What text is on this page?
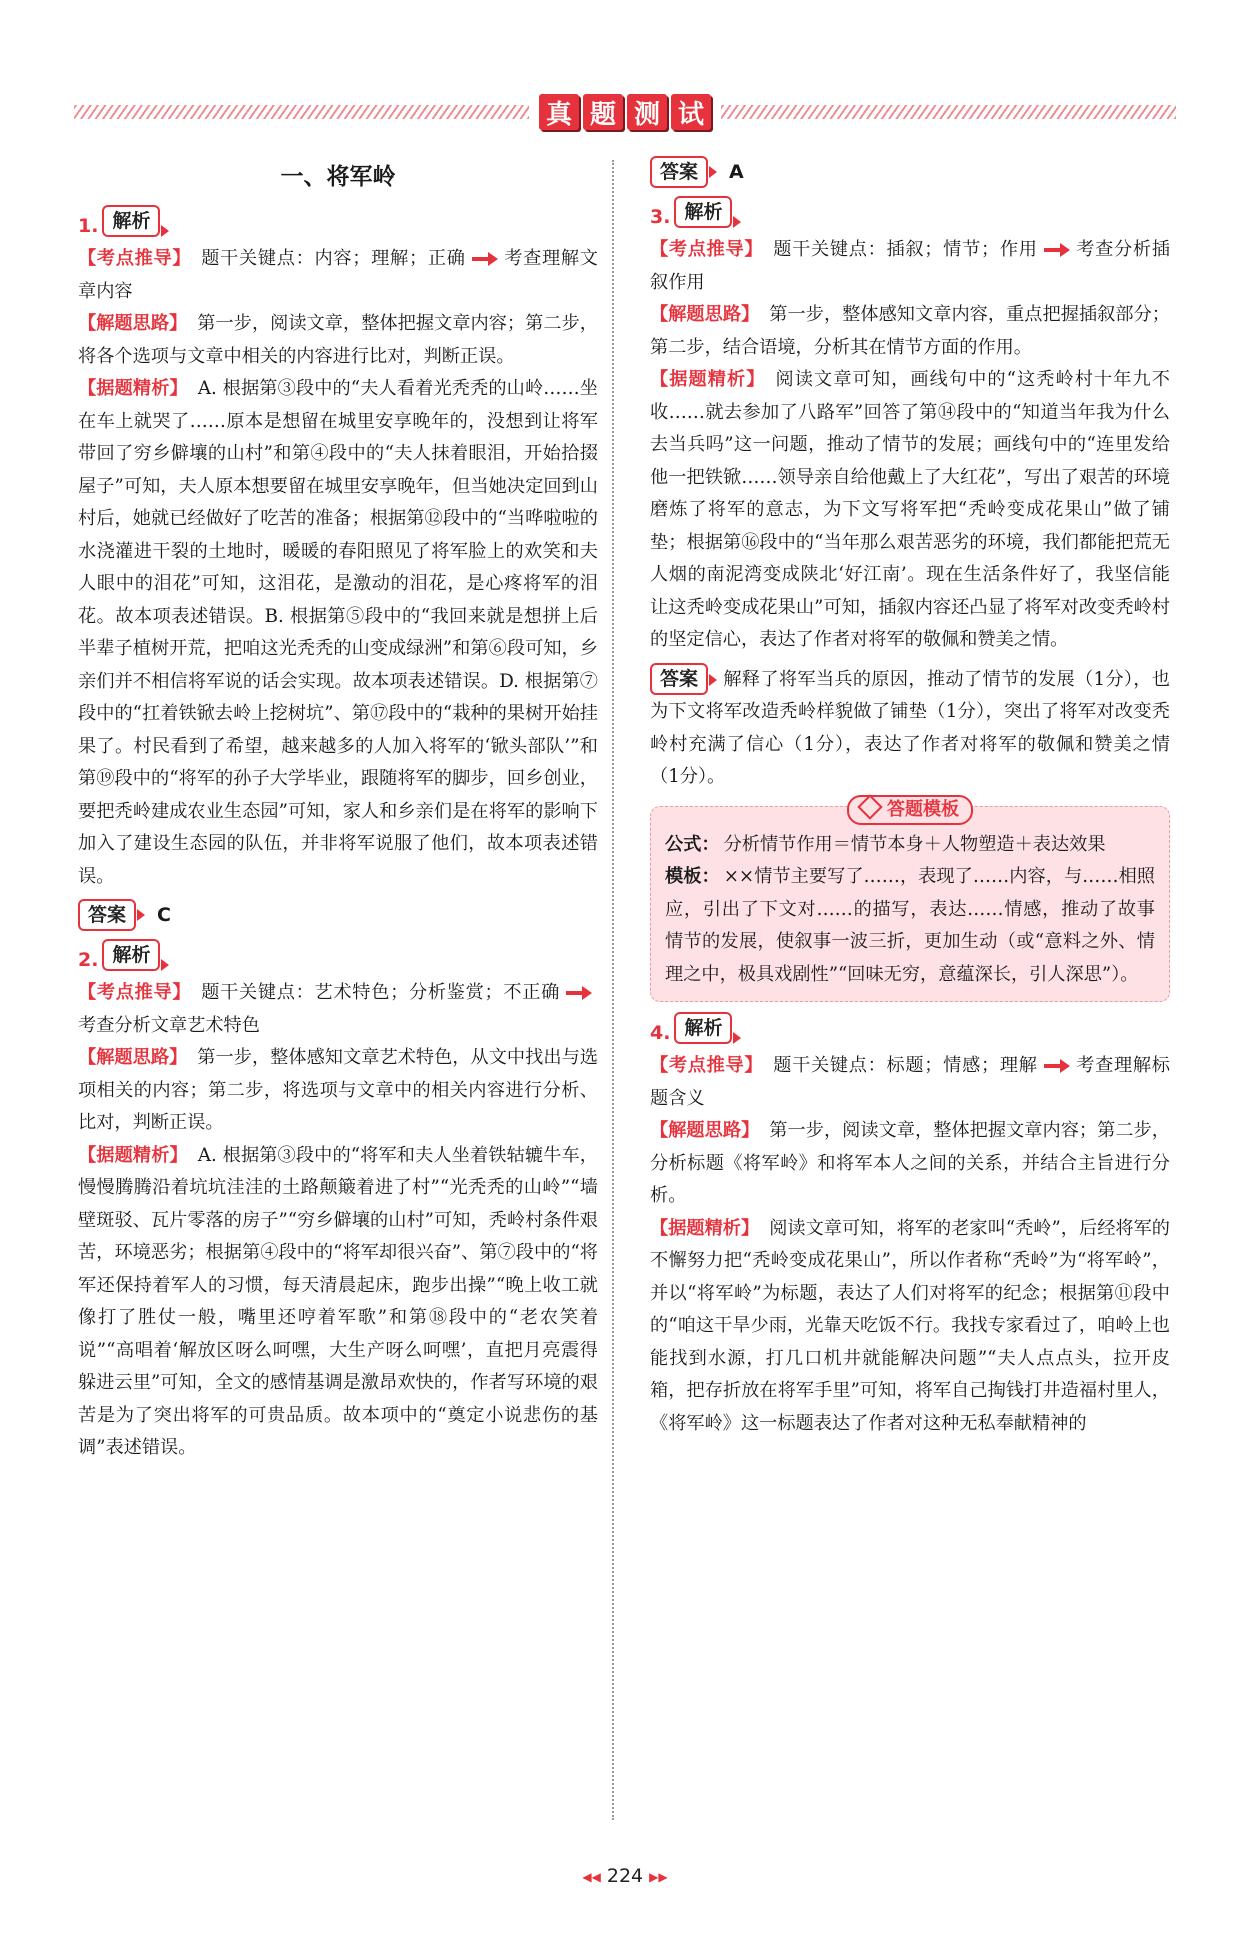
真 题 测 试
一、将军岭
1. 解析

【考点推导】 题干关键点：内容；理解；正确 考查理解文章内容

【解题思路】 第一步，阅读文章，整体把握文章内容；第二步，将各个选项与文章中相关的内容进行比对，判断正误。

【据题精析】 A. 根据第③段中的“夫人看着光秃秃的山岭……坐在车上就哭了……原本是想留在城里安享晚年的，没想到让将军带回了穷乡僻壤的山村”和第④段中的“夫人抹着眼泪，开始拾掇屋子”可知，夫人原本想要留在城里安享晚年，但当她决定回到山村后，她就已经做好了吃苦的准备；根据第⑫段中的“当哗啦啦的水浇灌进干裂的土地时，暖暖的春阳照见了将军脸上的欢笑和夫人眼中的泪花”可知，这泪花，是激动的泪花，是心疼将军的泪花。故本项表述错误。B. 根据第⑤段中的“我回来就是想拼上后半辈子植树开荒，把咱这光秃秃的山变成绿洲”和第⑥段可知，乡亲们并不相信将军说的话会实现。故本项表述错误。D. 根据第⑦段中的“扛着铁锨去岭上挖树坑”、第⑰段中的“栽种的果树开始挂果了。村民看到了希望，越来越多的人加入将军的‘锨头部队’”和第⑲段中的“将军的孙子大学毕业，跟随将军的脚步，回乡创业，要把秃岭建成农业生态园”可知，家人和乡亲们是在将军的影响下加入了建设生态园的队伍，并非将军说服了他们，故本项表述错误。

答案	C
2. 解析

【考点推导】 题干关键点：艺术特色；分析鉴赏；不正确考查分析文章艺术特色

【解题思路】 第一步，整体感知文章艺术特色，从文中找出与选项相关的内容；第二步，将选项与文章中的相关内容进行分析、比对，判断正误。

【据题精析】 A. 根据第③段中的“将军和夫人坐着铁轱辘牛车，慢慢腾腾沿着坑坑洼洼的土路颠簸着进了村”“光秃秃的山岭”“墙壁斑驳、瓦片零落的房子”“穷乡僻壤的山村”可知，秃岭村条件艰苦，环境恶劣；根据第④段中的“将军却很兴奋”、第⑦段中的“将军还保持着军人的习惯，每天清晨起床，跑步出操”“晚上收工就像打了胜仗一般，嘴里还哼着军歌”和第⑱段中的“老农笑着说”“高唱着‘解放区呀么呵嘿，大生产呀么呵嘿’，直把月亮震得躲进云里”可知，全文的感情基调是激昂欢快的，作者写环境的艰苦是为了突出将军的可贵品质。故本项中的“奠定小说悲伤的基调”表述错误。

答案	A
3. 解析

【考点推导】 题干关键点：插叙；情节；作用 考查分析插叙作用

【解题思路】 第一步，整体感知文章内容，重点把握插叙部分；第二步，结合语境，分析其在情节方面的作用。

【据题精析】 阅读文章可知，画线句中的“这秃岭村十年九不收……就去参加了八路军”回答了第⑭段中的“知道当年我为什么去当兵吗”这一问题，推动了情节的发展；画线句中的“连里发给他一把铁锨……领导亲自给他戴上了大红花”，写出了艰苦的环境磨炼了将军的意志，为下文写将军把“秃岭变成花果山”做了铺垫；根据第⑯段中的“当年那么艰苦恶劣的环境，我们都能把荒无人烟的南泥湾变成陕北‘好江南’。现在生活条件好了，我坚信能让这秃岭变成花果山”可知，插叙内容还凸显了将军对改变秃岭村的坚定信心，表达了作者对将军的敬佩和赞美之情。

答案 解释了将军当兵的原因，推动了情节的发展（1分），也为下文将军改造秃岭样貌做了铺垫（1分），突出了将军对改变秃岭村充满了信心（1分），表达了作者对将军的敬佩和赞美之情（1分）。

答题模板

公式： 分析情节作用＝情节本身＋人物塑造＋表达效果

模板： ××情节主要写了……，表现了……内容，与……相照应，引出了下文对……的描写，表达……情感，推动了故事情节的发展，使叙事一波三折，更加生动（或“意料之外、情理之中，极具戏剧性”“回味无穷，意蕴深长，引人深思”）。

4. 解析

【考点推导】 题干关键点：标题；情感；理解 考查理解标题含义

【解题思路】 第一步，阅读文章，整体把握文章内容；第二步，分析标题《将军岭》和将军本人之间的关系，并结合主旨进行分析。

【据题精析】 阅读文章可知，将军的老家叫“秃岭”，后经将军的不懈努力把“秃岭变成花果山”，所以作者称“秃岭”为“将军岭”，并以“将军岭”为标题，表达了人们对将军的纪念；根据第⑪段中的“咱这干旱少雨，光靠天吃饭不行。我找专家看过了，咱岭上也能找到水源，打几口机井就能解决问题”“夫人点点头，拉开皮箱，把存折放在将军手里”可知，将军自己掏钱打井造福村里人，《将军岭》这一标题表达了作者对这种无私奉献精神的

◀◀ 224 ▶▶
